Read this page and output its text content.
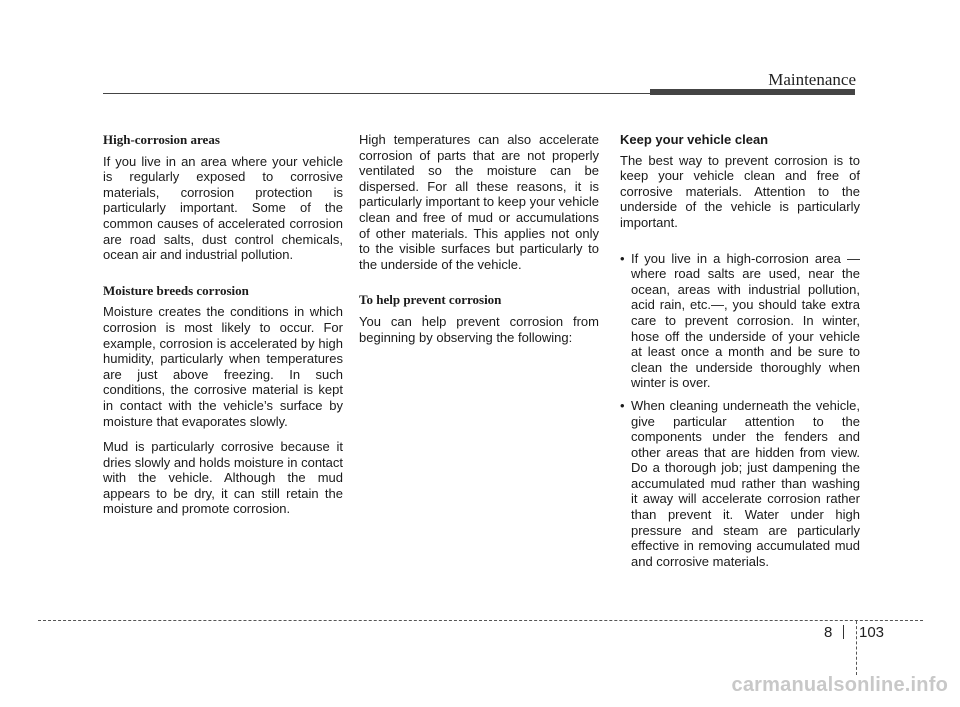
Maintenance
High-corrosion areas

If you live in an area where your vehicle is regularly exposed to corrosive materials, corrosion protection is particularly important. Some of the common causes of accelerated corrosion are road salts, dust control chemicals, ocean air and industrial pollution.

Moisture breeds corrosion

Moisture creates the conditions in which corrosion is most likely to occur. For example, corrosion is accelerated by high humidity, particularly when temperatures are just above freezing. In such conditions, the corrosive material is kept in contact with the vehicle’s surface by moisture that evaporates slowly.

Mud is particularly corrosive because it dries slowly and holds moisture in contact with the vehicle. Although the mud appears to be dry, it can still retain the moisture and promote corrosion.

High temperatures can also accelerate corrosion of parts that are not properly ventilated so the moisture can be dispersed. For all these reasons, it is particularly important to keep your vehicle clean and free of mud or accumulations of other materials. This applies not only to the visible surfaces but particularly to the underside of the vehicle.

To help prevent corrosion

You can help prevent corrosion from beginning by observing the following:

Keep your vehicle clean

The best way to prevent corrosion is to keep your vehicle clean and free of corrosive materials. Attention to the underside of the vehicle is particularly important.

• If you live in a high-corrosion area — where road salts are used, near the ocean, areas with industrial pollution, acid rain, etc.—, you should take extra care to prevent corrosion. In winter, hose off the underside of your vehicle at least once a month and be sure to clean the underside thoroughly when winter is over.
• When cleaning underneath the vehicle, give particular attention to the components under the fenders and other areas that are hidden from view. Do a thorough job; just dampening the accumulated mud rather than washing it away will accelerate corrosion rather than prevent it. Water under high pressure and steam are particularly effective in removing accumulated mud and corrosive materials.
8 103
carmanualsonline.info
